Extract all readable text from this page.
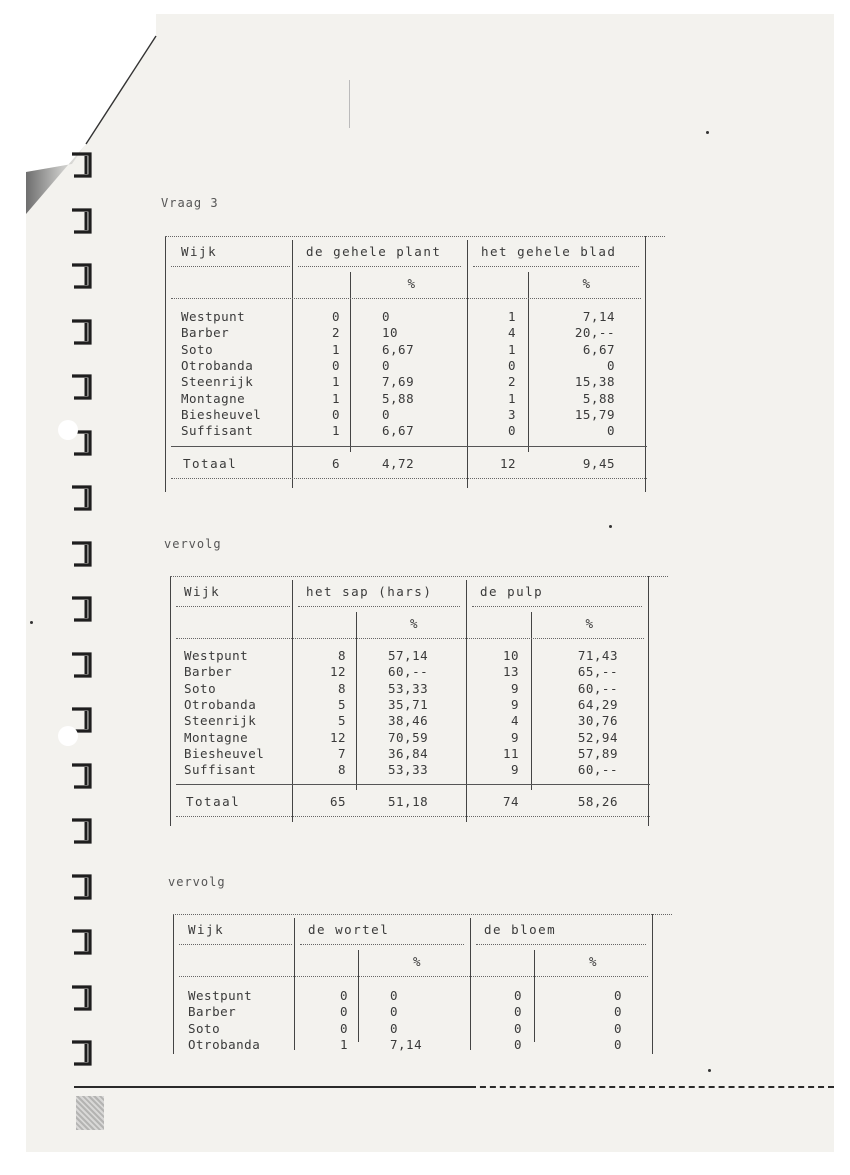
Vraag 3
Wijk	de gehele plant	het gehele blad
%	%
Westpunt	0	0	1	7,14
Barber	2	10	4	20,--
Soto	1	6,67	1	6,67
Otrobanda	0	0	0	0
Steenrijk	1	7,69	2	15,38
Montagne	1	5,88	1	5,88
Biesheuvel	0	0	3	15,79
Suffisant	1	6,67	0	0
Totaal	6	4,72	12	9,45
vervolg
Wijk	het sap (hars)	de pulp
%	%
Westpunt	8	57,14	10	71,43
Barber	12	60,--	13	65,--
Soto	8	53,33	9	60,--
Otrobanda	5	35,71	9	64,29
Steenrijk	5	38,46	4	30,76
Montagne	12	70,59	9	52,94
Biesheuvel	7	36,84	11	57,89
Suffisant	8	53,33	9	60,--
Totaal	65	51,18	74	58,26
vervolg
Wijk	de wortel	de bloem
%	%
Westpunt	0	0	0	0
Barber	0	0	0	0
Soto	0	0	0	0
Otrobanda	1	7,14	0	0
